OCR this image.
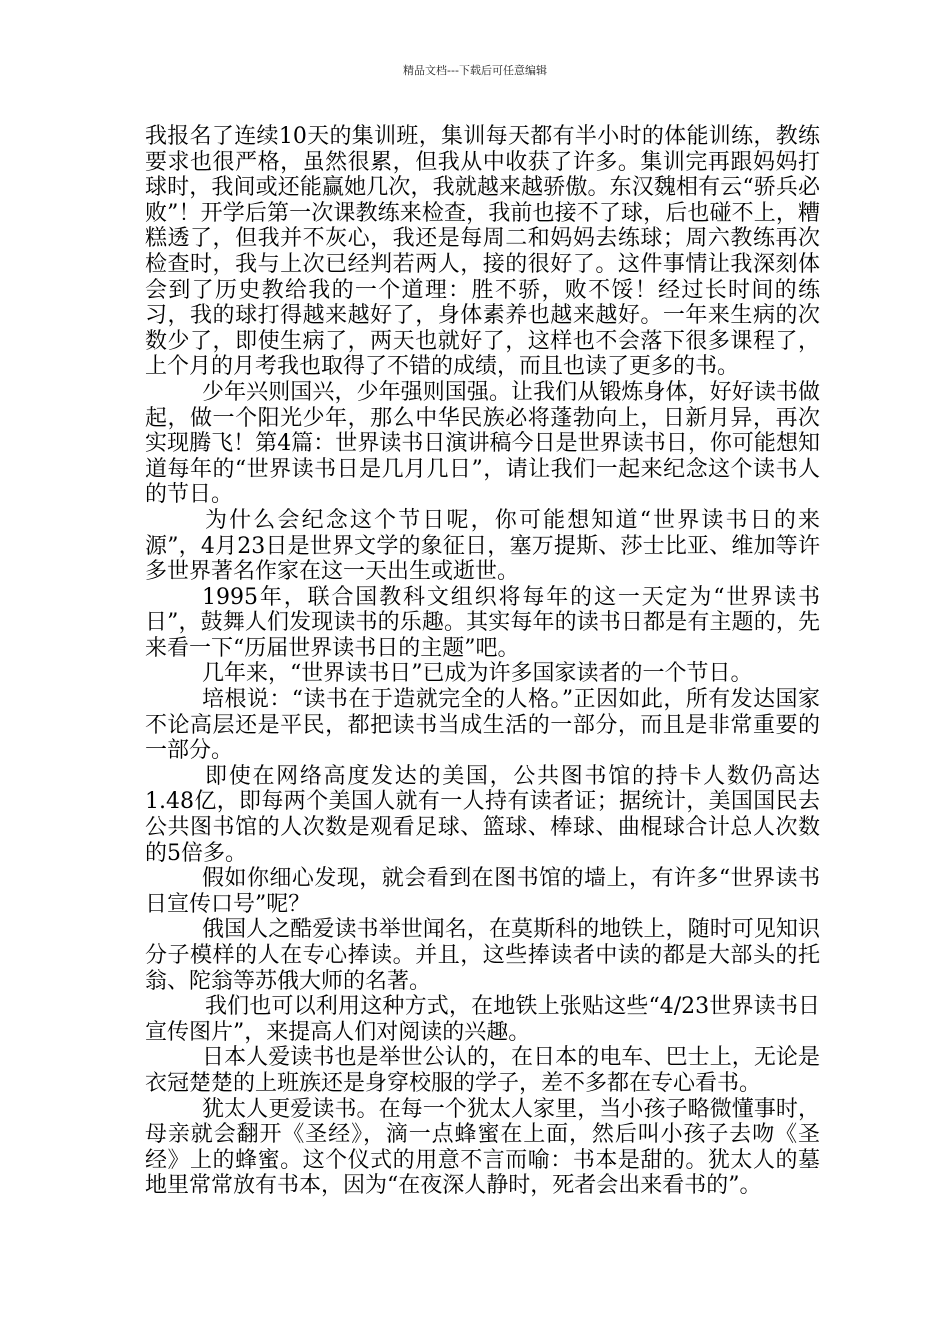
精品文档---下载后可任意编辑

我报名了连续10天的集训班，集训每天都有半小时的体能训练，教练要求也很严格，虽然很累，但我从中收获了许多。集训完再跟妈妈打球时，我间或还能赢她几次，我就越来越骄傲。东汉魏相有云“骄兵必败”！开学后第一次课教练来检查，我前也接不了球，后也碰不上，糟糕透了，但我并不灰心，我还是每周二和妈妈去练球；周六教练再次检查时，我与上次已经判若两人，接的很好了。这件事情让我深刻体会到了历史教给我的一个道理：胜不骄，败不馁！经过长时间的练习，我的球打得越来越好了，身体素养也越来越好。一年来生病的次数少了，即使生病了，两天也就好了，这样也不会落下很多课程了，上个月的月考我也取得了不错的成绩，而且也读了更多的书。

少年兴则国兴，少年强则国强。让我们从锻炼身体，好好读书做起，做一个阳光少年，那么中华民族必将蓬勃向上，日新月异，再次实现腾飞！第4篇：世界读书日演讲稿今日是世界读书日，你可能想知道每年的“世界读书日是几月几日”，请让我们一起来纪念这个读书人的节日。

为什么会纪念这个节日呢，你可能想知道“世界读书日的来源”，4月23日是世界文学的象征日，塞万提斯、莎士比亚、维加等许多世界著名作家在这一天出生或逝世。

1995年，联合国教科文组织将每年的这一天定为“世界读书日”，鼓舞人们发现读书的乐趣。其实每年的读书日都是有主题的，先来看一下“历届世界读书日的主题”吧。

几年来，“世界读书日”已成为许多国家读者的一个节日。

培根说：“读书在于造就完全的人格。”正因如此，所有发达国家不论高层还是平民，都把读书当成生活的一部分，而且是非常重要的一部分。

即使在网络高度发达的美国，公共图书馆的持卡人数仍高达1.48亿，即每两个美国人就有一人持有读者证；据统计，美国国民去公共图书馆的人次数是观看足球、篮球、棒球、曲棍球合计总人次数的5倍多。

假如你细心发现，就会看到在图书馆的墙上，有许多“世界读书日宣传口号”呢？

俄国人之酷爱读书举世闻名，在莫斯科的地铁上，随时可见知识分子模样的人在专心捧读。并且，这些捧读者中读的都是大部头的托翁、陀翁等苏俄大师的名著。

我们也可以利用这种方式，在地铁上张贴这些“4/23世界读书日宣传图片”，来提高人们对阅读的兴趣。

日本人爱读书也是举世公认的，在日本的电车、巴士上，无论是衣冠楚楚的上班族还是身穿校服的学子，差不多都在专心看书。

犹太人更爱读书。在每一个犹太人家里，当小孩子略微懂事时，母亲就会翻开《圣经》，滴一点蜂蜜在上面，然后叫小孩子去吻《圣经》上的蜂蜜。这个仪式的用意不言而喻：书本是甜的。犹太人的墓地里常常放有书本，因为“在夜深人静时，死者会出来看书的”。
